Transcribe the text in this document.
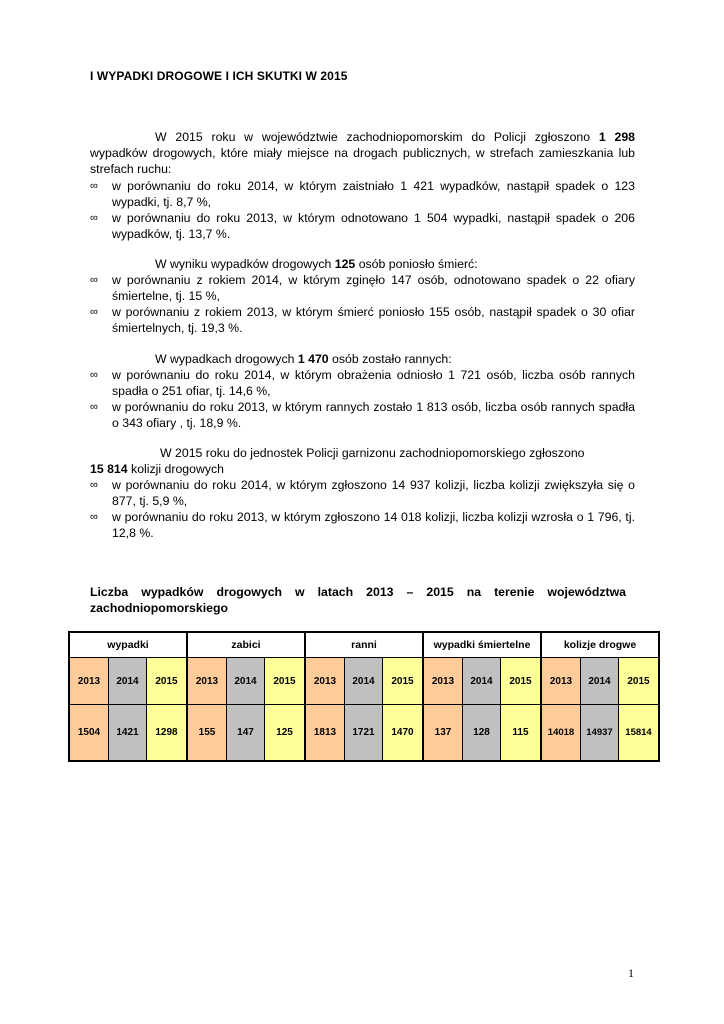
I WYPADKI DROGOWE I ICH SKUTKI W 2015
W 2015 roku w województwie zachodniopomorskim do Policji zgłoszono 1 298 wypadków drogowych, które miały miejsce na drogach publicznych, w strefach zamieszkania lub strefach ruchu:
∞ w porównaniu do roku 2014, w którym zaistniało 1 421 wypadków, nastąpił spadek o 123 wypadki, tj. 8,7 %,
∞ w porównaniu do roku 2013, w którym odnotowano 1 504 wypadki, nastąpił spadek o 206 wypadków, tj. 13,7 %.
W wyniku wypadków drogowych 125 osób poniosło śmierć:
∞ w porównaniu z rokiem 2014, w którym zginęło 147 osób, odnotowano spadek o 22 ofiary śmiertelne, tj. 15 %,
∞ w porównaniu z rokiem 2013, w którym śmierć poniosło 155 osób, nastąpił spadek o 30 ofiar śmiertelnych, tj. 19,3 %.
W wypadkach drogowych 1 470 osób zostało rannych:
∞ w porównaniu do roku 2014, w którym obrażenia odniosło 1 721 osób, liczba osób rannych spadła o 251 ofiar, tj. 14,6 %,
∞ w porównaniu do roku 2013, w którym rannych zostało 1 813 osób, liczba osób rannych spadła o 343 ofiary , tj. 18,9 %.
W 2015 roku do jednostek Policji garnizonu zachodniopomorskiego zgłoszono
15 814 kolizji drogowych
∞ w porównaniu do roku 2014, w którym zgłoszono 14 937 kolizji, liczba kolizji zwiększyła się o 877, tj. 5,9 %,
∞ w porównaniu do roku 2013, w którym zgłoszono 14 018 kolizji, liczba kolizji wzrosła o 1 796, tj. 12,8 %.
Liczba wypadków drogowych w latach 2013 – 2015 na terenie województwa zachodniopomorskiego
wypadki			zabici			ranni			wypadki śmiertelne			kolizje drogwe		
2013	2014	2015	2013	2014	2015	2013	2014	2015	2013	2014	2015	2013	2014	2015
1504	1421	1298	155	147	125	1813	1721	1470	137	128	115	14018	14937	15814
1
